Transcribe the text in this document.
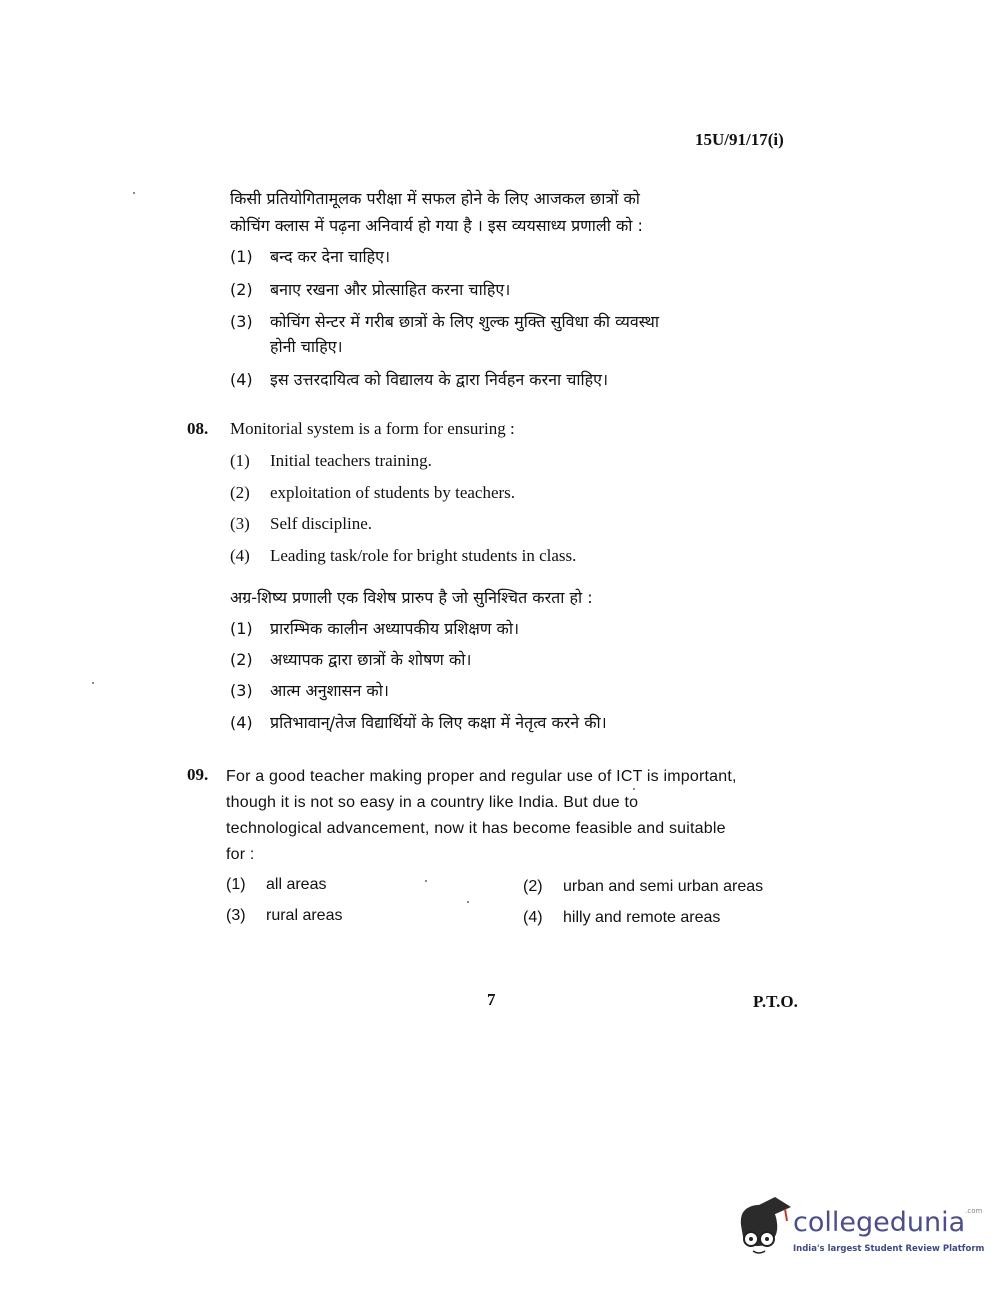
15U/91/17(i)
किसी प्रतियोगितामूलक परीक्षा में सफल होने के लिए आजकल छात्रों को
कोचिंग क्लास में पढ़ना अनिवार्य हो गया है । इस व्ययसाध्य प्रणाली को :
(1)	बन्द कर देना चाहिए।
(2)	बनाए रखना और प्रोत्साहित करना चाहिए।
(3)	कोचिंग सेन्टर में गरीब छात्रों के लिए शुल्क मुक्ति सुविधा की व्यवस्था
होनी चाहिए।
(4)	इस उत्तरदायित्व को विद्यालय के द्वारा निर्वहन करना चाहिए।
08. Monitorial system is a form for ensuring :
(1)	Initial teachers training.
(2)	exploitation of students by teachers.
(3)	Self discipline.
(4)	Leading task/role for bright students in class.
अग्र-शिष्य प्रणाली एक विशेष प्रारुप है जो सुनिश्चित करता हो :
(1)	प्रारम्भिक कालीन अध्यापकीय प्रशिक्षण को।
(2)	अध्यापक द्वारा छात्रों के शोषण को।
(3)	आत्म अनुशासन को।
(4)	प्रतिभावान्/तेज विद्यार्थियों के लिए कक्षा में नेतृत्व करने की।
09. For a good teacher making proper and regular use of ICT is important,
though it is not so easy in a country like India. But due to
technological advancement, now it has become feasible and suitable
for :
(1)	all areas	(2)	urban and semi urban areas
(3)	rural areas	(4)	hilly and remote areas
7	P.T.O.
collegedunia$^{.com}$
India's largest Student Review Platform
